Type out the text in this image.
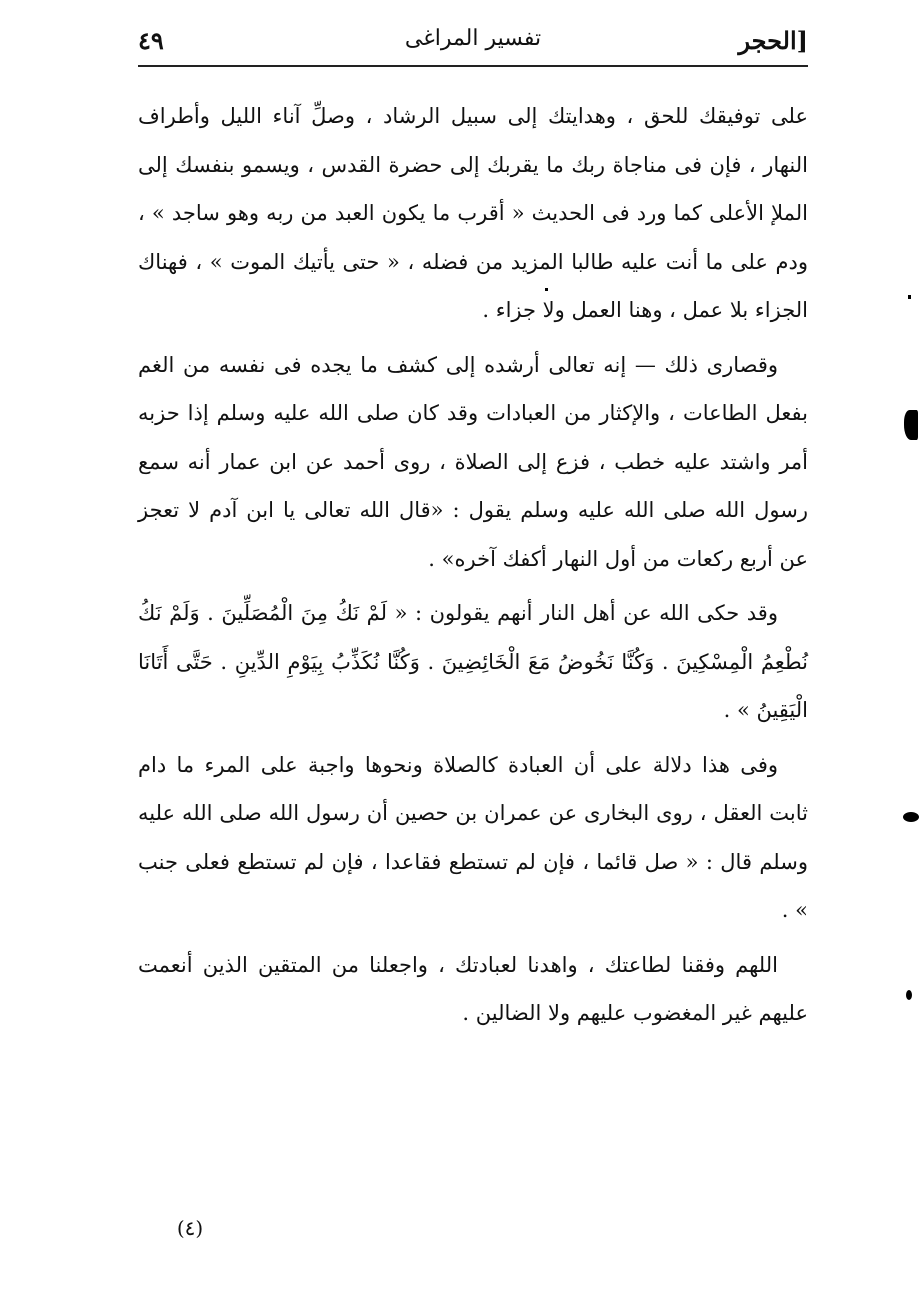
[الحجر
تفسير المراغى
٤٩

على توفيقك للحق ، وهدايتك إلى سبيل الرشاد ، وصلِّ آناء الليل وأطراف النهار ، فإن فى مناجاة ربك ما يقربك إلى حضرة القدس ، ويسمو بنفسك إلى الملإ الأعلى كما ورد فى الحديث « أقرب ما يكون العبد من ربه وهو ساجد » ، ودم على ما أنت عليه طالبا المزيد من فضله ، « حتى يأتيك الموت » ، فهناك الجزاء بلا عمل ، وهنا العمل ولا جزاء .

وقصارى ذلك — إنه تعالى أرشده إلى كشف ما يجده فى نفسه من الغم بفعل الطاعات ، والإكثار من العبادات وقد كان صلى الله عليه وسلم إذا حزبه أمر واشتد عليه خطب ، فزع إلى الصلاة ، روى أحمد عن ابن عمار أنه سمع رسول الله صلى الله عليه وسلم يقول : «قال الله تعالى يا ابن آدم لا تعجز عن أربع ركعات من أول النهار أكفك آخره» .

وقد حكى الله عن أهل النار أنهم يقولون : « لَمْ نَكُ مِنَ الْمُصَلِّينَ . وَلَمْ نَكُ نُطْعِمُ الْمِسْكِينَ . وَكُنَّا نَخُوضُ مَعَ الْخَائِضِينَ . وَكُنَّا نُكَذِّبُ بِيَوْمِ الدِّينِ . حَتَّى أَتَانَا الْيَقِينُ » .

وفى هذا دلالة على أن العبادة كالصلاة ونحوها واجبة على المرء ما دام ثابت العقل ، روى البخارى عن عمران بن حصين أن رسول الله صلى الله عليه وسلم قال : « صل قائما ، فإن لم تستطع فقاعدا ، فإن لم تستطع فعلى جنب » .

اللهم وفقنا لطاعتك ، واهدنا لعبادتك ، واجعلنا من المتقين الذين أنعمت عليهم غير المغضوب عليهم ولا الضالين .

(٤)
